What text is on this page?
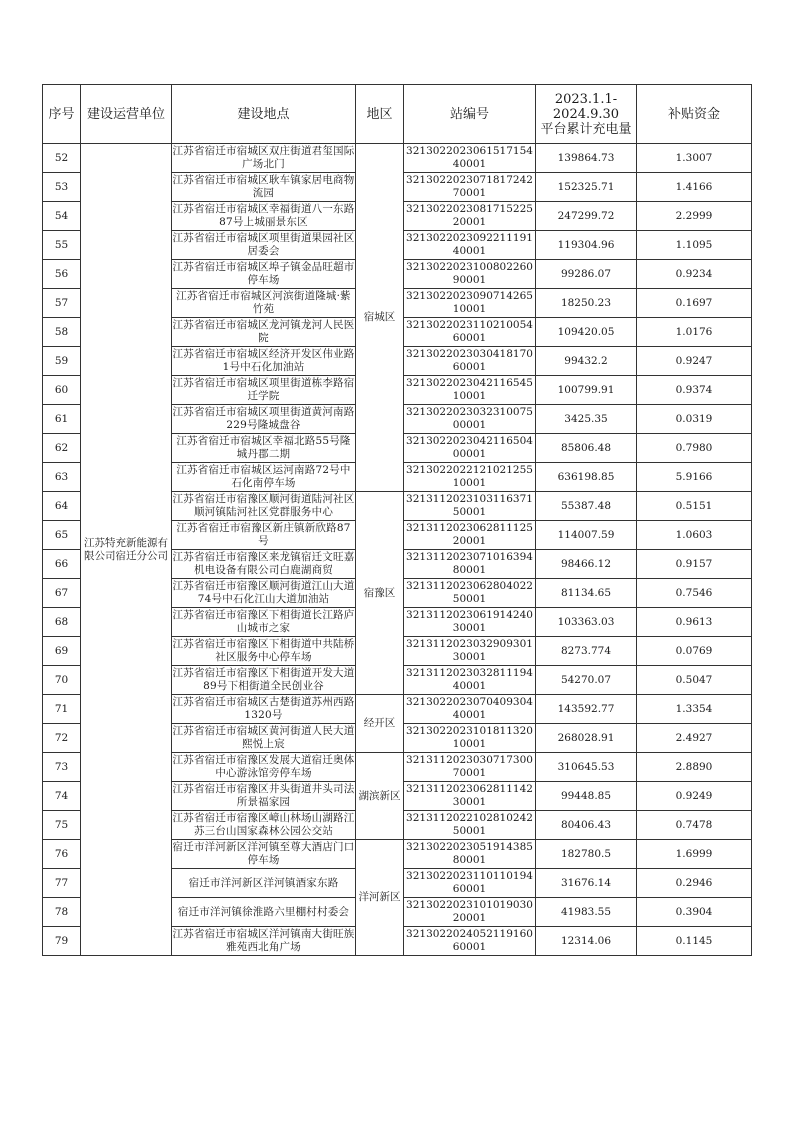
序号	建设运营单位	建设地点	地区	站编号	2023.1.1-
2024.9.30
平台累计充电量	补贴资金
52	江苏特充新能源有限公司宿迁分公司	江苏省宿迁市宿城区双庄街道君玺国际广场北门	宿城区	3213022023061517154 40001	139864.73	1.3007
53		江苏省宿迁市宿城区耿车镇家居电商物流园		3213022023071817242 70001	152325.71	1.4166
54		江苏省宿迁市宿城区幸福街道八一东路87号上城丽景东区		3213022023081715225 20001	247299.72	2.2999
55		江苏省宿迁市宿城区项里街道果园社区居委会		3213022023092211191 40001	119304.96	1.1095
56		江苏省宿迁市宿城区埠子镇金品旺超市停车场		3213022023100802260 90001	99286.07	0.9234
57		江苏省宿迁市宿城区河滨街道隆城·紫竹苑		3213022023090714265 10001	18250.23	0.1697
58		江苏省宿迁市宿城区龙河镇龙河人民医院		3213022023110210054 60001	109420.05	1.0176
59		江苏省宿迁市宿城区经济开发区伟业路1号中石化加油站		3213022023030418170 60001	99432.2	0.9247
60		江苏省宿迁市宿城区项里街道栋李路宿迁学院		3213022023042116545 10001	100799.91	0.9374
61		江苏省宿迁市宿城区项里街道黄河南路229号隆城盘谷		3213022023032310075 00001	3425.35	0.0319
62		江苏省宿迁市宿城区幸福北路55号隆城丹郡二期		3213022023042116504 00001	85806.48	0.7980
63		江苏省宿迁市宿城区运河南路72号中石化南停车场		3213022022121021255 10001	636198.85	5.9166
64		江苏省宿迁市宿豫区顺河街道陆河社区顺河镇陆河社区党群服务中心	宿豫区	3213112023103116371 50001	55387.48	0.5151
65		江苏省宿迁市宿豫区新庄镇新欣路87号		3213112023062811125 20001	114007.59	1.0603
66		江苏省宿迁市宿豫区来龙镇宿迁文旺嘉机电设备有限公司白鹿湖商贸		3213112023071016394 80001	98466.12	0.9157
67		江苏省宿迁市宿豫区顺河街道江山大道74号中石化江山大道加油站		3213112023062804022 50001	81134.65	0.7546
68		江苏省宿迁市宿豫区下相街道长江路庐山城市之家		3213112023061914240 30001	103363.03	0.9613
69		江苏省宿迁市宿豫区下相街道中共陆桥社区服务中心停车场		3213112023032909301 30001	8273.774	0.0769
70		江苏省宿迁市宿豫区下相街道开发大道89号下相街道全民创业谷		3213112023032811194 40001	54270.07	0.5047
71		江苏省宿迁市宿城区古楚街道苏州西路1320号	经开区	3213022023070409304 40001	143592.77	1.3354
72		江苏省宿迁市宿城区黄河街道人民大道熙悦上宸		3213022023101811320 10001	268028.91	2.4927
73		江苏省宿迁市宿豫区发展大道宿迁奥体中心游泳馆旁停车场	湖滨新区	3213112023030717300 70001	310645.53	2.8890
74		江苏省宿迁市宿豫区井头街道井头司法所景福家园		3213112023062811142 30001	99448.85	0.9249
75		江苏省宿迁市宿豫区嶂山林场山湖路江苏三台山国家森林公园公交站		3213112022102810242 50001	80406.43	0.7478
76		宿迁市洋河新区洋河镇至尊大酒店门口停车场	洋河新区	3213022023051914385 80001	182780.5	1.6999
77		宿迁市洋河新区洋河镇酒家东路		3213022023110110194 60001	31676.14	0.2946
78		宿迁市洋河镇徐淮路六里棚村村委会		3213022023101019030 20001	41983.55	0.3904
79		江苏省宿迁市宿城区洋河镇南大街旺族雅苑西北角广场		3213022024052119160 60001	12314.06	0.1145
